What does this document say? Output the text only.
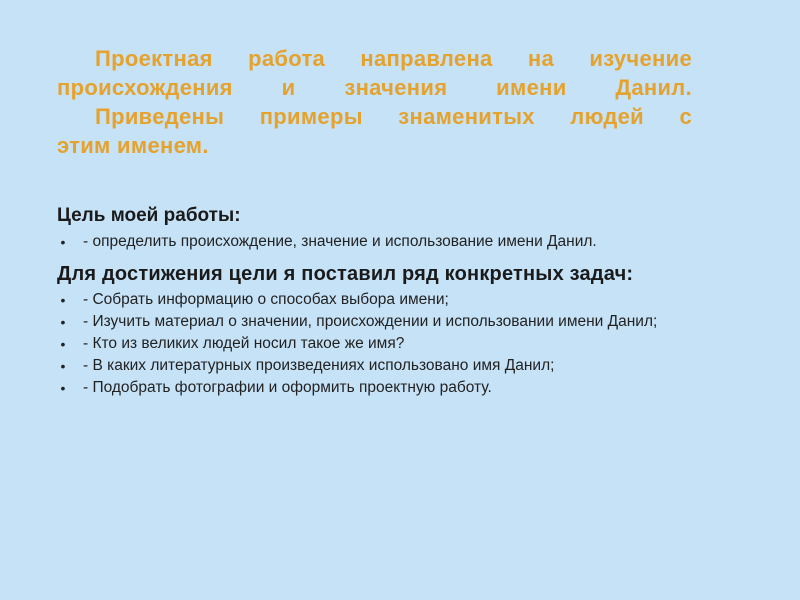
Проектная работа направлена на изучение
происхождения и значения имени Данил.
Приведены примеры знаменитых людей с
этим именем.

Цель моей работы:
• - определить происхождение, значение и использование имени Данил.
Для достижения цели я поставил ряд конкретных задач:
• - Собрать информацию о способах выбора имени;
• - Изучить материал о значении, происхождении и использовании имени Данил;
• - Кто из великих людей носил такое же имя?
• - В каких литературных произведениях использовано имя Данил;
• - Подобрать фотографии и оформить проектную работу.
